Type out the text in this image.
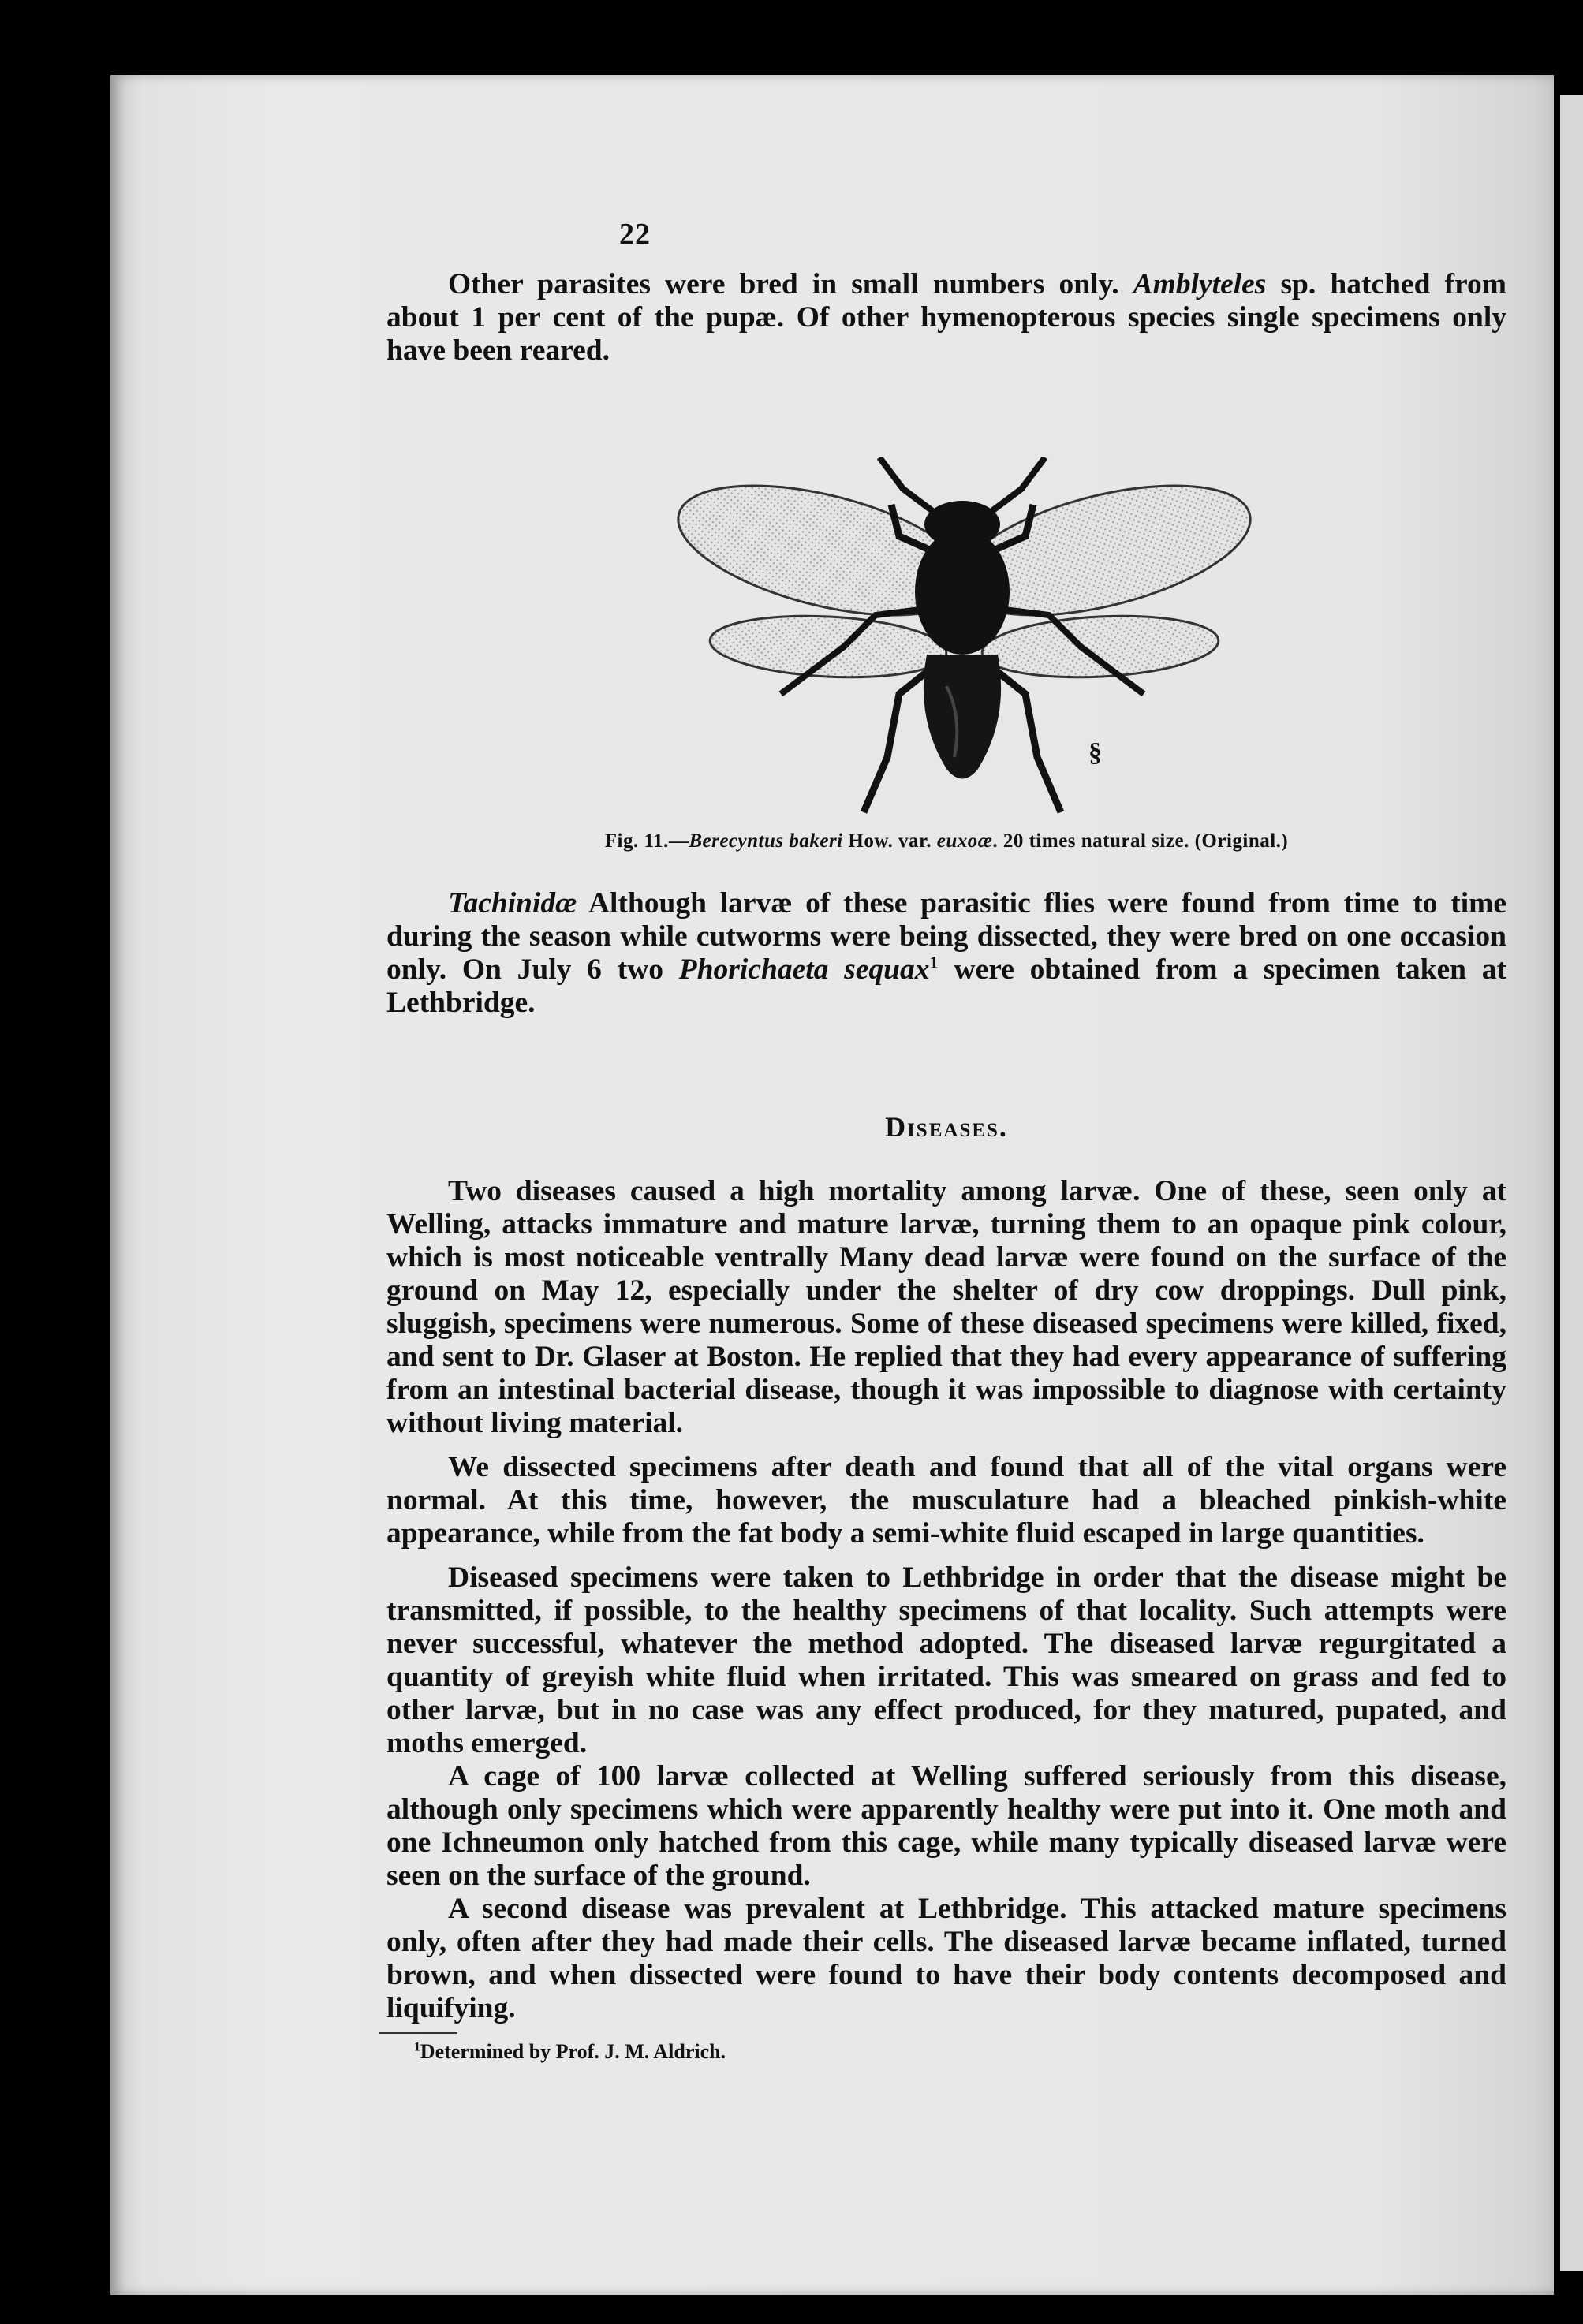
22

Other parasites were bred in small numbers only. Amblyteles sp. hatched from about 1 per cent of the pupæ. Of other hymenopterous species single specimens only have been reared.

§
Fig. 11.—Berecyntus bakeri How. var. euxoæ. 20 times natural size. (Original.)

Tachinidæ Although larvæ of these parasitic flies were found from time to time during the season while cutworms were being dissected, they were bred on one occasion only. On July 6 two Phorichaeta sequax$^1$ were obtained from a specimen taken at Lethbridge.

Diseases.

Two diseases caused a high mortality among larvæ. One of these, seen only at Welling, attacks immature and mature larvæ, turning them to an opaque pink colour, which is most noticeable ventrally Many dead larvæ were found on the surface of the ground on May 12, especially under the shelter of dry cow droppings. Dull pink, sluggish, specimens were numerous. Some of these diseased specimens were killed, fixed, and sent to Dr. Glaser at Boston. He replied that they had every appearance of suffering from an intestinal bacterial disease, though it was impossible to diagnose with certainty without living material.

We dissected specimens after death and found that all of the vital organs were normal. At this time, however, the musculature had a bleached pinkish-white appearance, while from the fat body a semi-white fluid escaped in large quantities.

Diseased specimens were taken to Lethbridge in order that the disease might be transmitted, if possible, to the healthy specimens of that locality. Such attempts were never successful, whatever the method adopted. The diseased larvæ regurgitated a quantity of greyish white fluid when irritated. This was smeared on grass and fed to other larvæ, but in no case was any effect produced, for they matured, pupated, and moths emerged.

A cage of 100 larvæ collected at Welling suffered seriously from this disease, although only specimens which were apparently healthy were put into it. One moth and one Ichneumon only hatched from this cage, while many typically diseased larvæ were seen on the surface of the ground.

A second disease was prevalent at Lethbridge. This attacked mature specimens only, often after they had made their cells. The diseased larvæ became inflated, turned brown, and when dissected were found to have their body contents decomposed and liquifying.

$^1$Determined by Prof. J. M. Aldrich.
